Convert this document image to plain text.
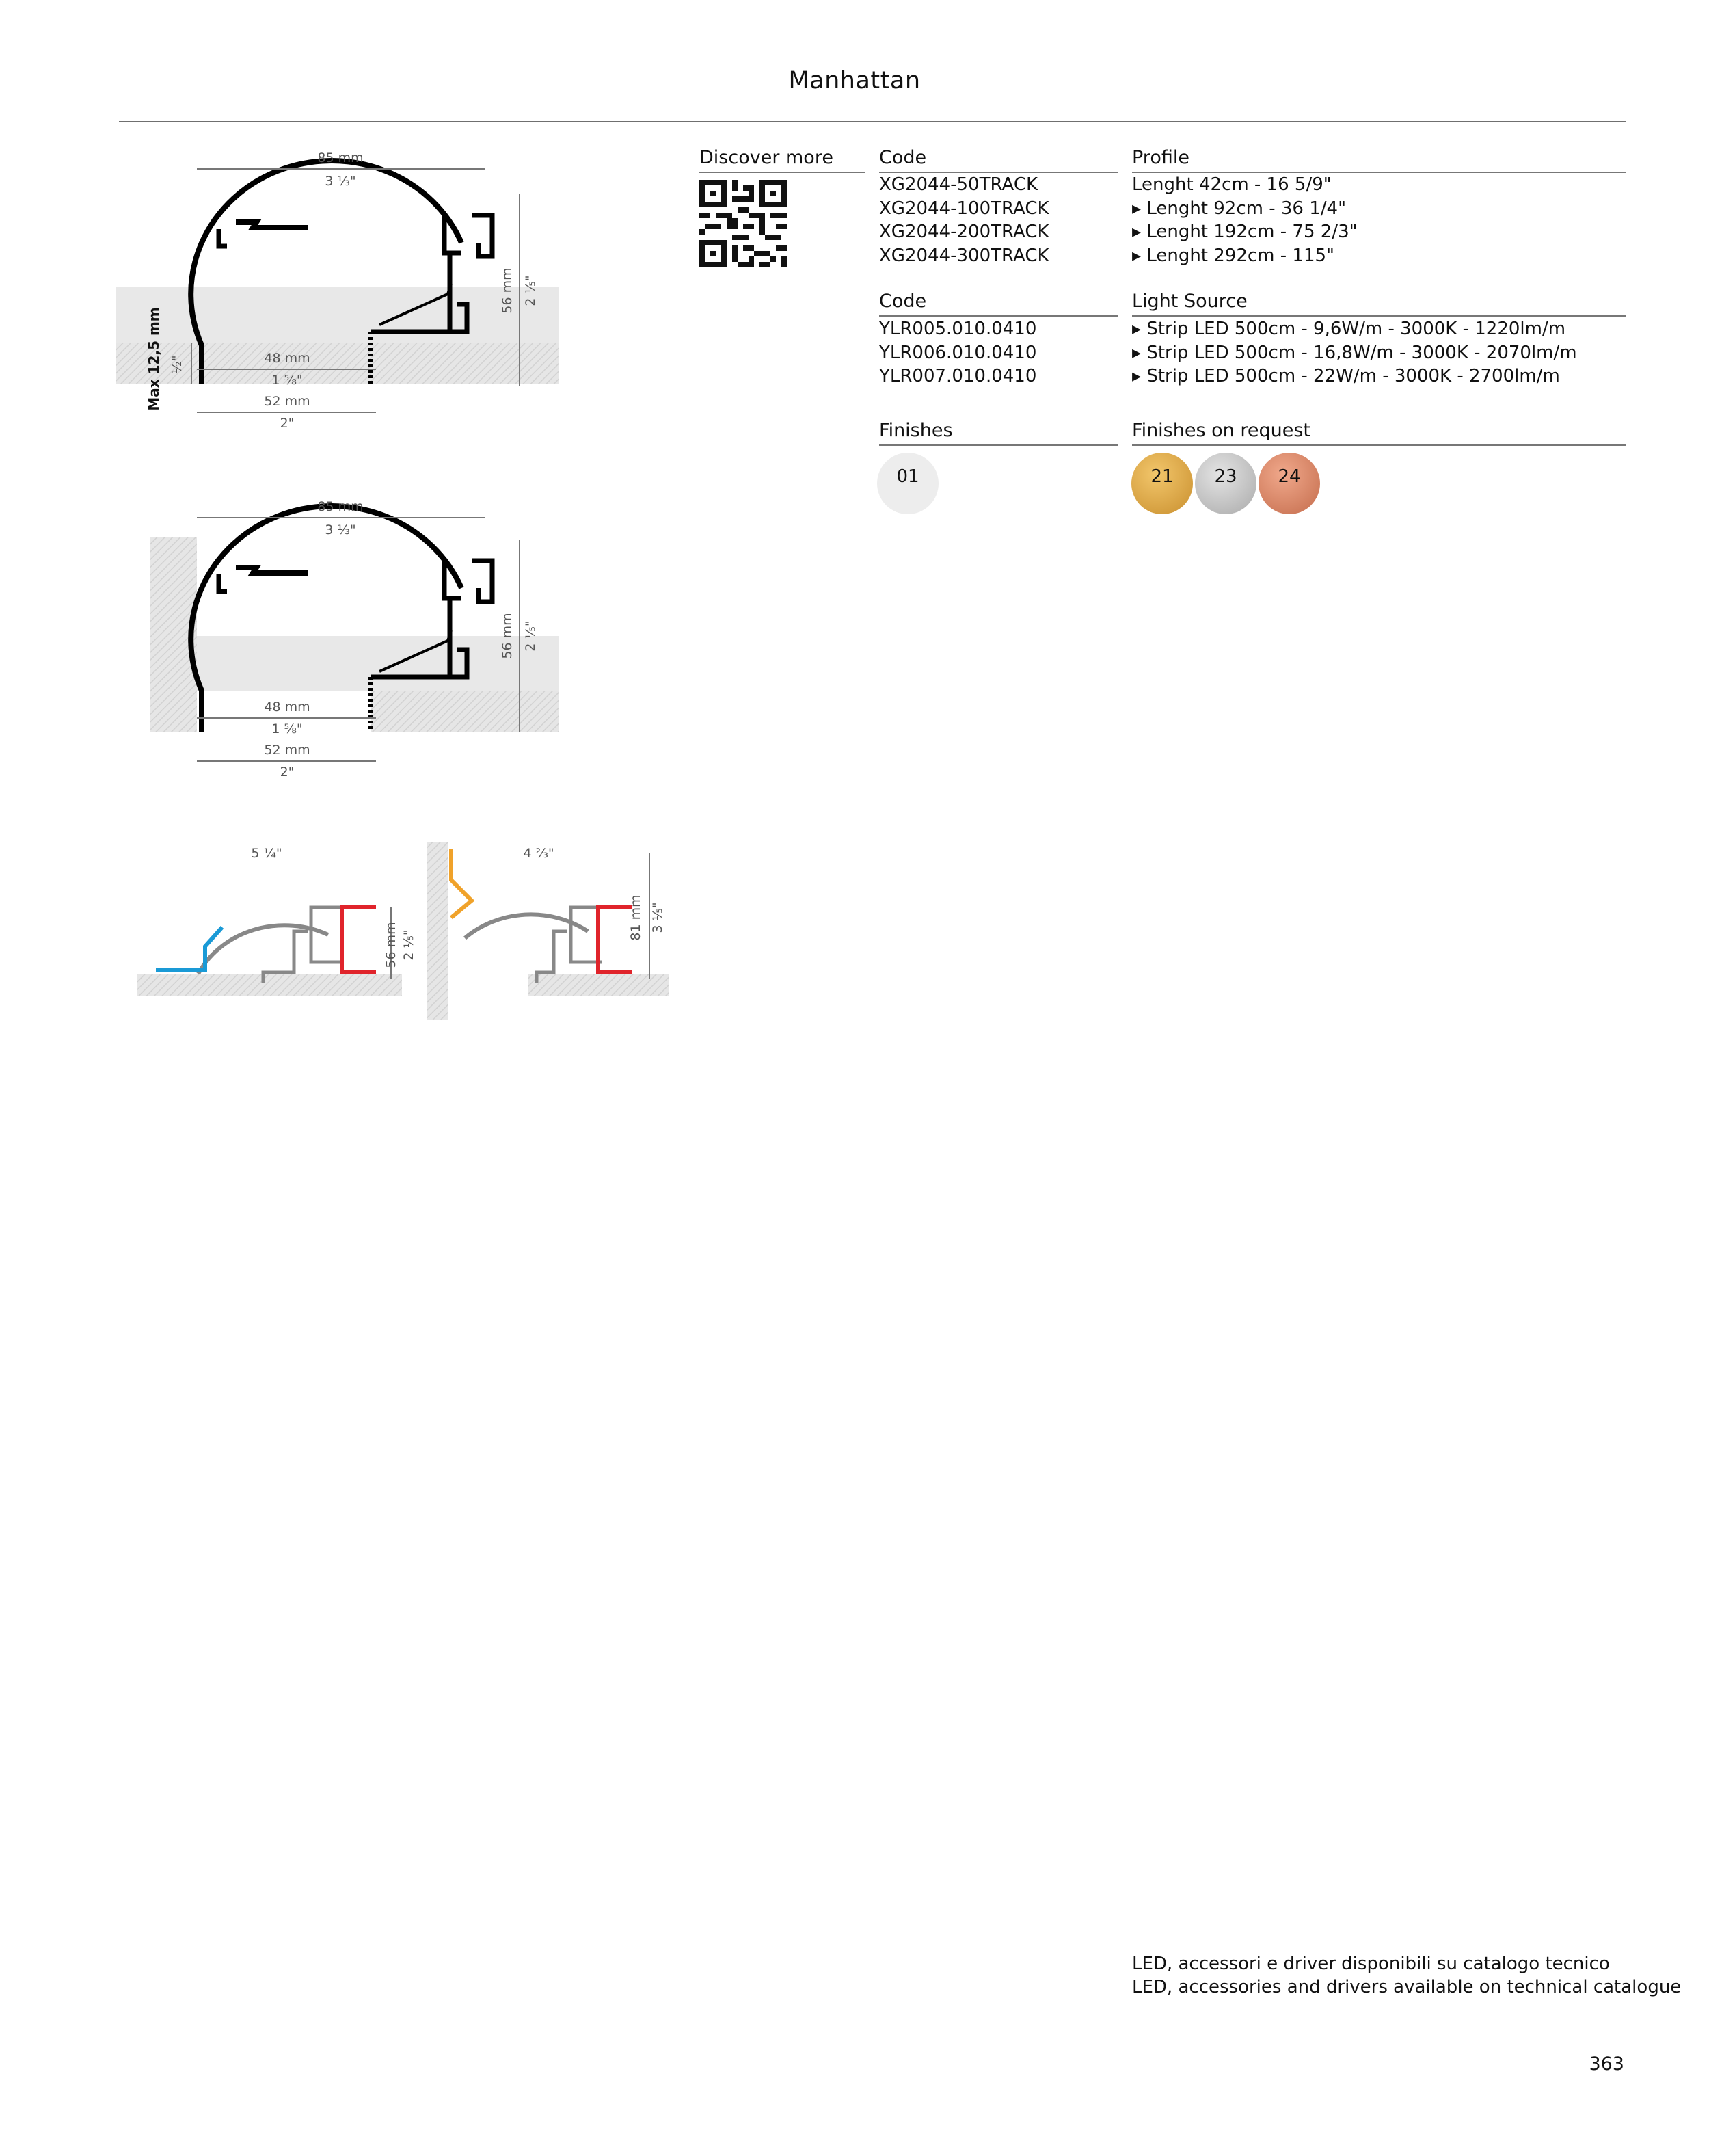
Manhattan
85 mm
3 ⅓"
56 mm 2 ⅕"
48 mm
1 ⅝"
52 mm
2"
Max 12,5 mm ½"
85 mm
3 ⅓"
56 mm 2 ⅕"
48 mm
1 ⅝"
52 mm
2"
5 ¼"
56 mm 2 ⅕"
4 ⅔"
81 mm 3 ⅕"
Discover more Code
XG2044-50TRACK
XG2044-100TRACK
XG2044-200TRACK
XG2044-300TRACK
Profile
Lenght 42cm - 16 5/9"
▸ Lenght 92cm - 36 1/4"
▸ Lenght 192cm - 75 2/3"
▸ Lenght 292cm - 115"
Code
YLR005.010.0410
YLR006.010.0410
YLR007.010.0410
Light Source
▸ Strip LED 500cm - 9,6W/m - 3000K - 1220lm/m
▸ Strip LED 500cm - 16,8W/m - 3000K - 2070lm/m
▸ Strip LED 500cm - 22W/m - 3000K - 2700lm/m
Finishes
01
Finishes on request
21 23 24
LED, accessori e driver disponibili su catalogo tecnico
LED, accessories and drivers available on technical catalogue
363
